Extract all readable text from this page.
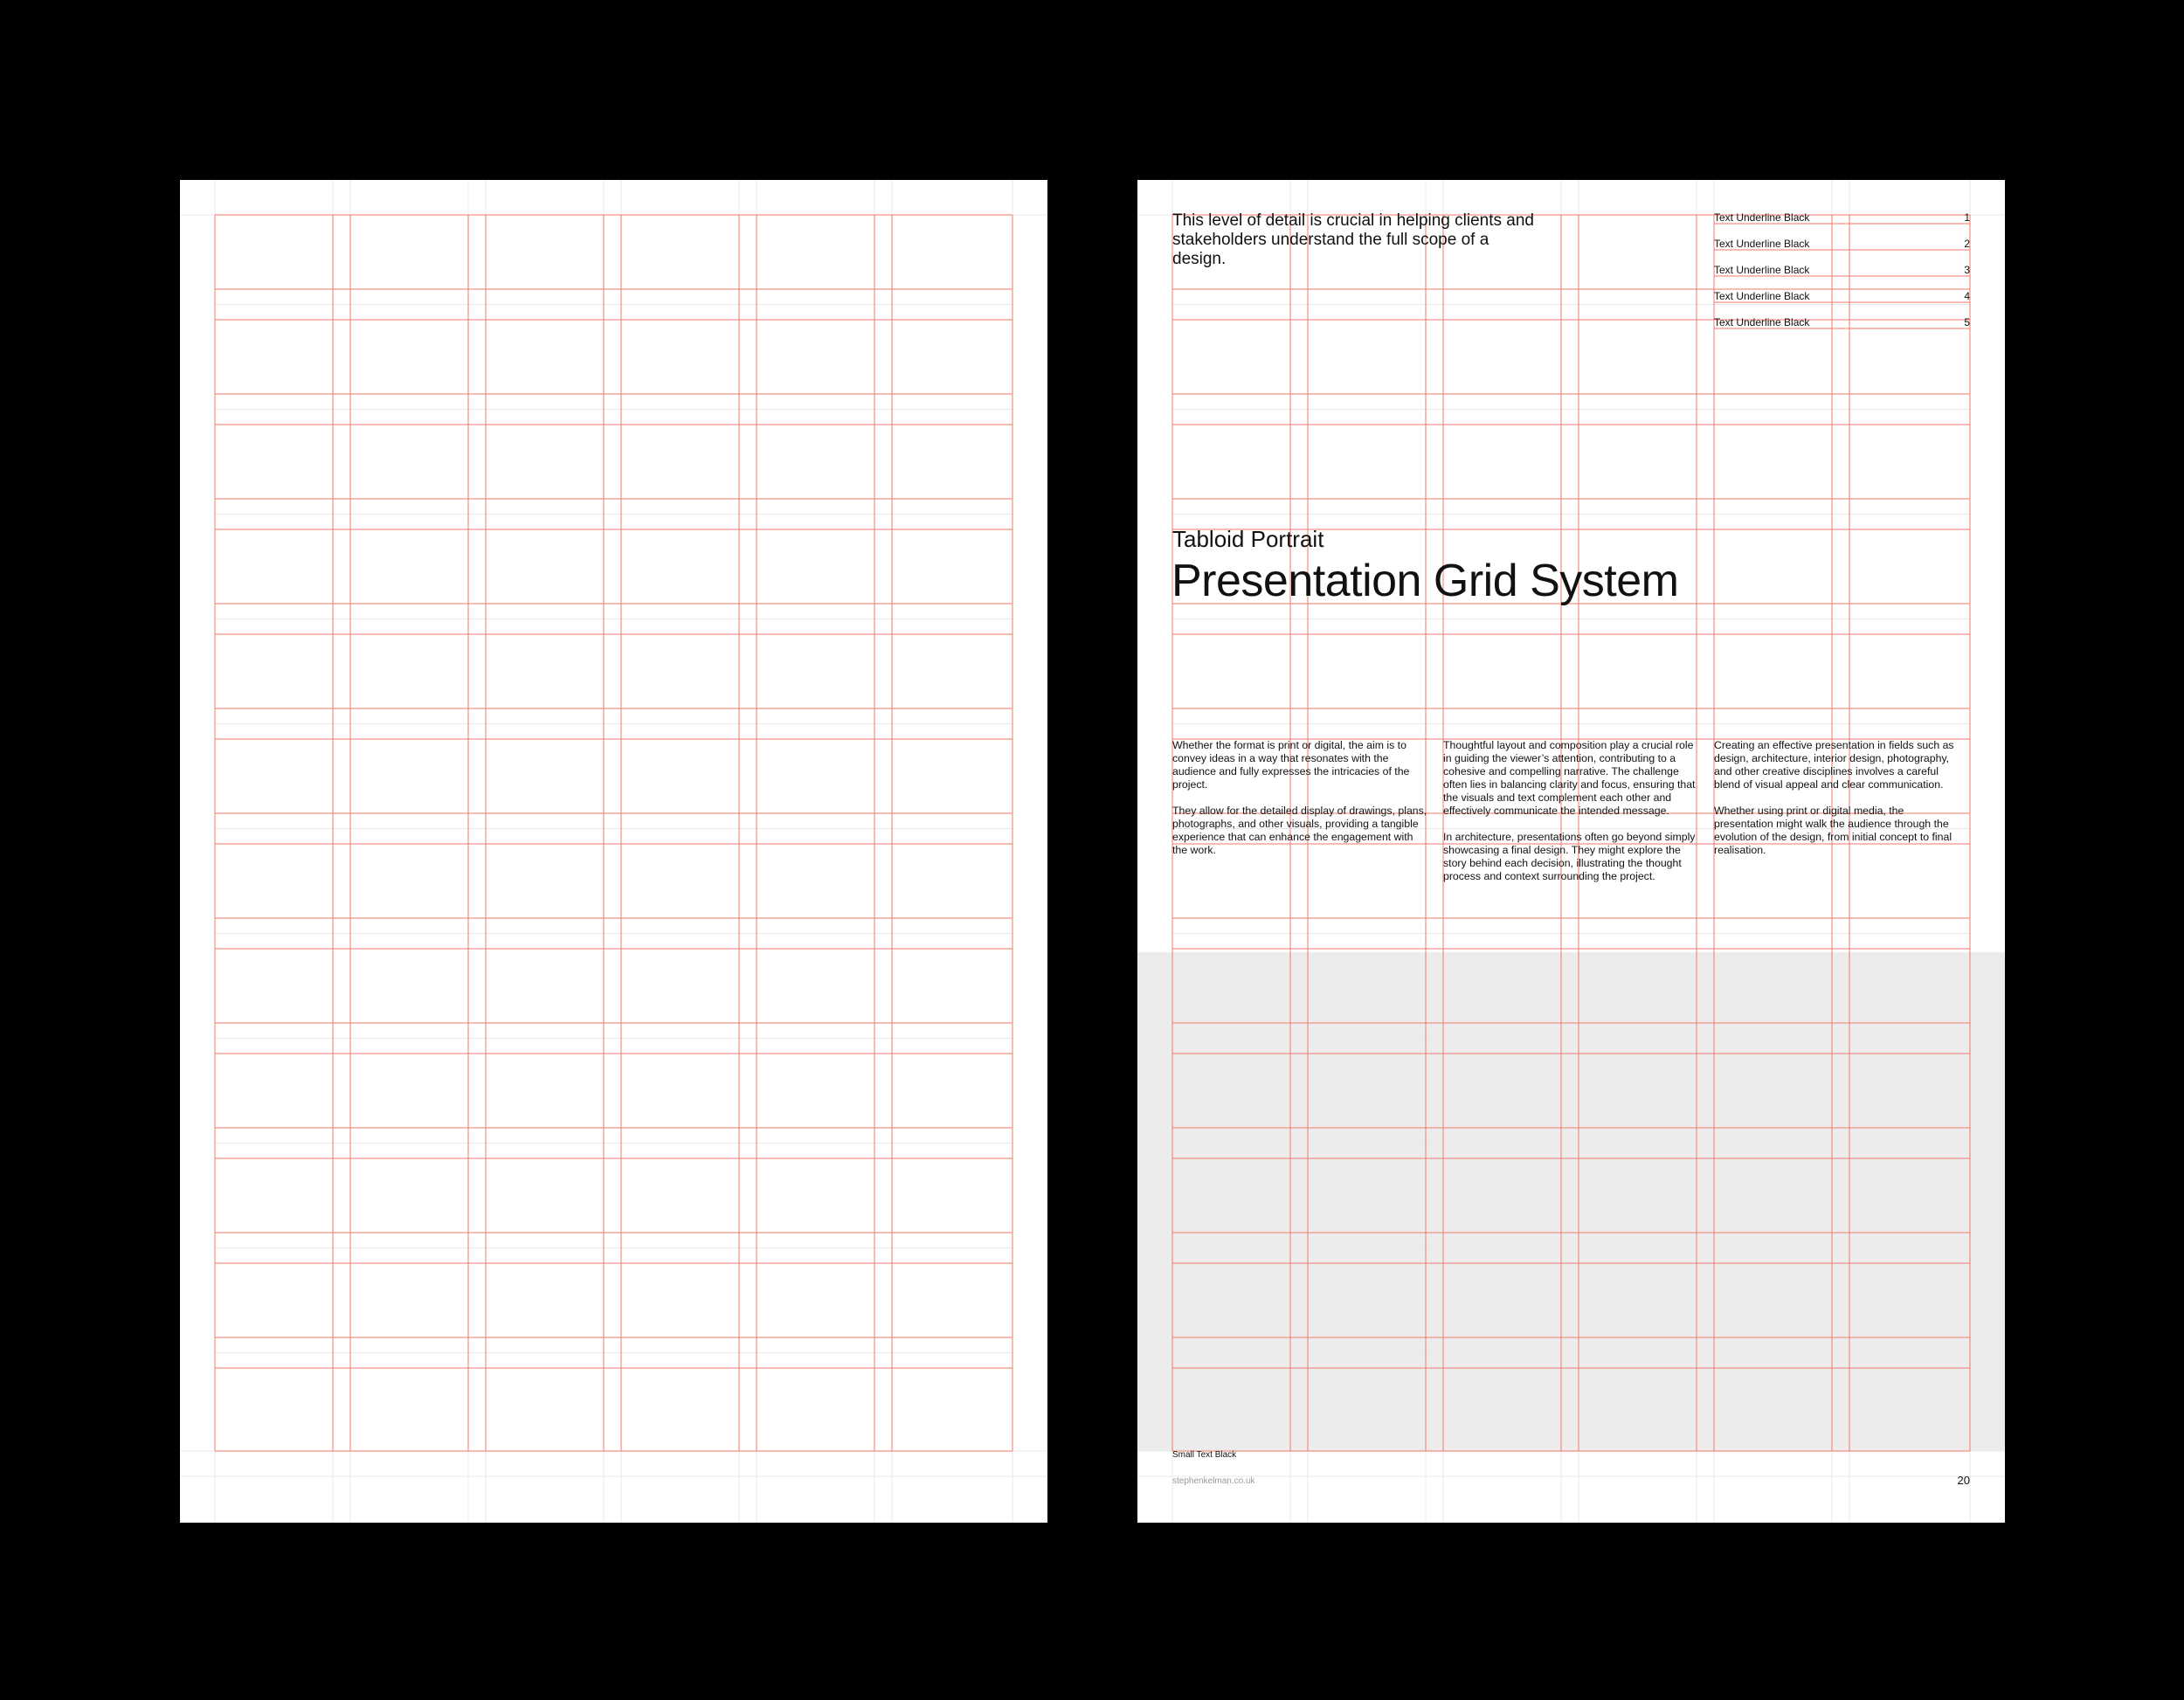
This level of detail is crucial in helping clients and stakeholders understand the full scope of a design.

Text Underline Black	1
Text Underline Black	2
Text Underline Black	3
Text Underline Black	4
Text Underline Black	5
Tabloid Portrait
Presentation Grid System

Whether the format is print or digital, the aim is to convey ideas in a way that resonates with the audience and fully expresses the intricacies of the project.

They allow for the detailed display of drawings, plans, photographs, and other visuals, providing a tangible experience that can enhance the engagement with the work.

Thoughtful layout and composition play a crucial role in guiding the viewer’s attention, contributing to a cohesive and compelling narrative. The challenge often lies in balancing clarity and focus, ensuring that the visuals and text complement each other and effectively communicate the intended message.

In architecture, presentations often go beyond simply showcasing a final design. They might explore the story behind each decision, illustrating the thought process and context surrounding the project.

Creating an effective presentation in fields such as design, architecture, interior design, photography, and other creative disciplines involves a careful blend of visual appeal and clear communication.

Whether using print or digital media, the presentation might walk the audience through the evolution of the design, from initial concept to final realisation.

Small Text Black
stephenkelman.co.uk	20
